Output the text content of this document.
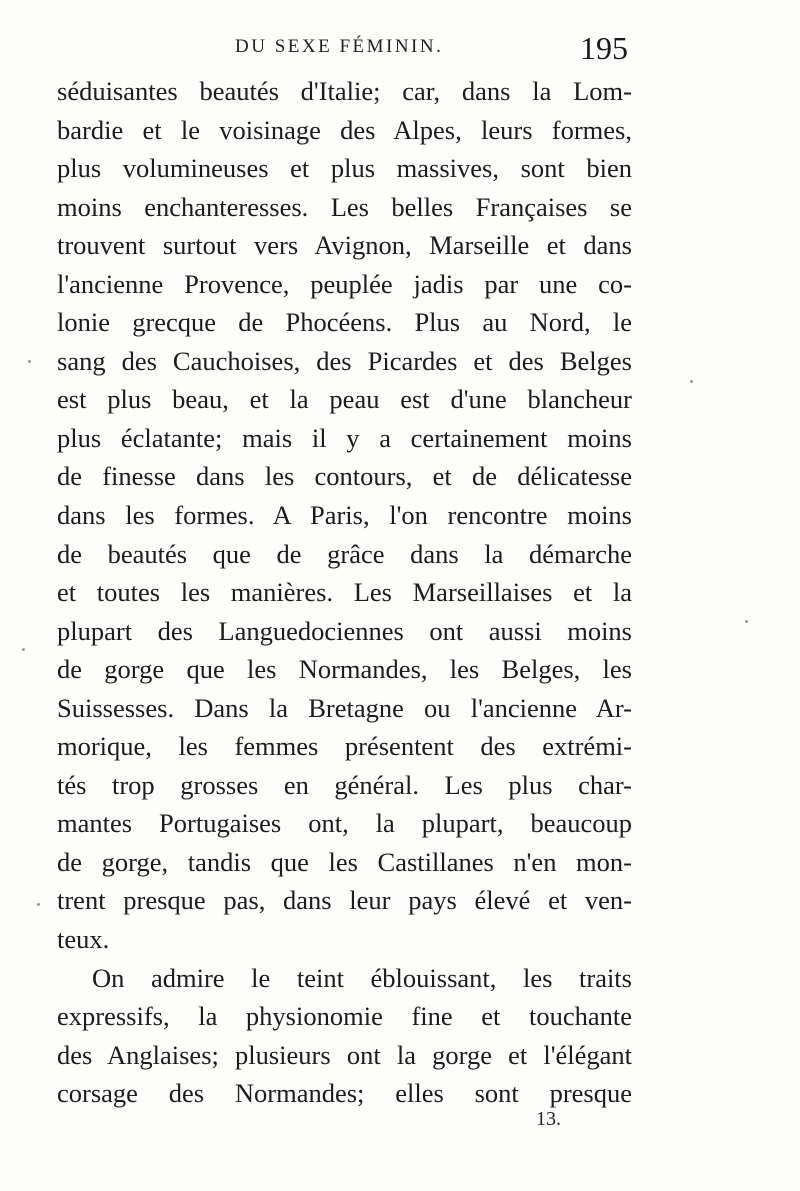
DU SEXE FÉMININ.	195
séduisantes beautés d'Italie; car, dans la Lom-
bardie et le voisinage des Alpes, leurs formes,
plus volumineuses et plus massives, sont bien
moins enchanteresses. Les belles Françaises se
trouvent surtout vers Avignon, Marseille et dans
l'ancienne Provence, peuplée jadis par une co-
lonie grecque de Phocéens. Plus au Nord, le
sang des Cauchoises, des Picardes et des Belges
est plus beau, et la peau est d'une blancheur
plus éclatante; mais il y a certainement moins
de finesse dans les contours, et de délicatesse
dans les formes. A Paris, l'on rencontre moins
de beautés que de grâce dans la démarche
et toutes les manières. Les Marseillaises et la
plupart des Languedociennes ont aussi moins
de gorge que les Normandes, les Belges, les
Suissesses. Dans la Bretagne ou l'ancienne Ar-
morique, les femmes présentent des extrémi-
tés trop grosses en général. Les plus char-
mantes Portugaises ont, la plupart, beaucoup
de gorge, tandis que les Castillanes n'en mon-
trent presque pas, dans leur pays élevé et ven-
teux.
On admire le teint éblouissant, les traits
expressifs, la physionomie fine et touchante
des Anglaises; plusieurs ont la gorge et l'élégant
corsage des Normandes; elles sont presque
13.
